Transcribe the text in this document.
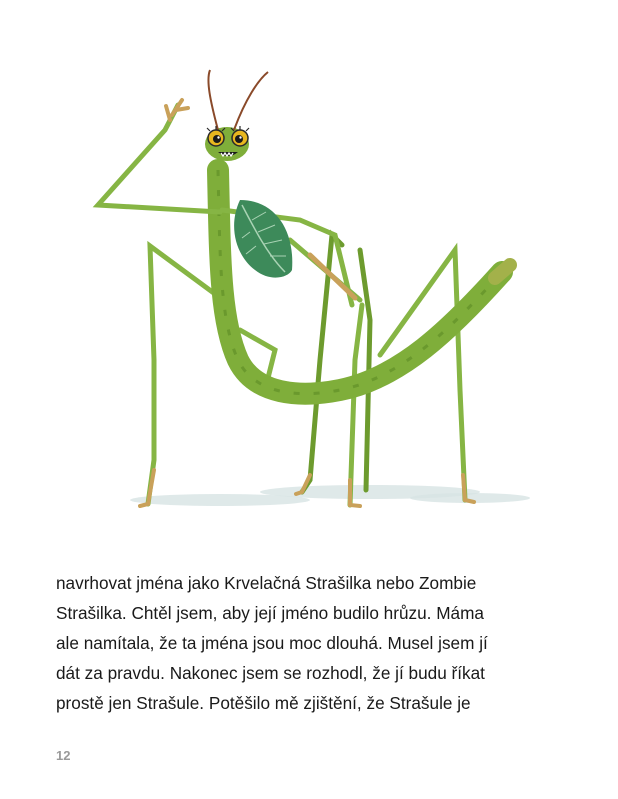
navrhovat jména jako Krvelačná Strašilka nebo Zombie
Strašilka. Chtěl jsem, aby její jméno budilo hrůzu. Máma
ale namítala, že ta jména jsou moc dlouhá. Musel jsem jí
dát za pravdu. Nakonec jsem se rozhodl, že jí budu říkat
prostě jen Strašule. Potěšilo mě zjištění, že Strašule je

12
